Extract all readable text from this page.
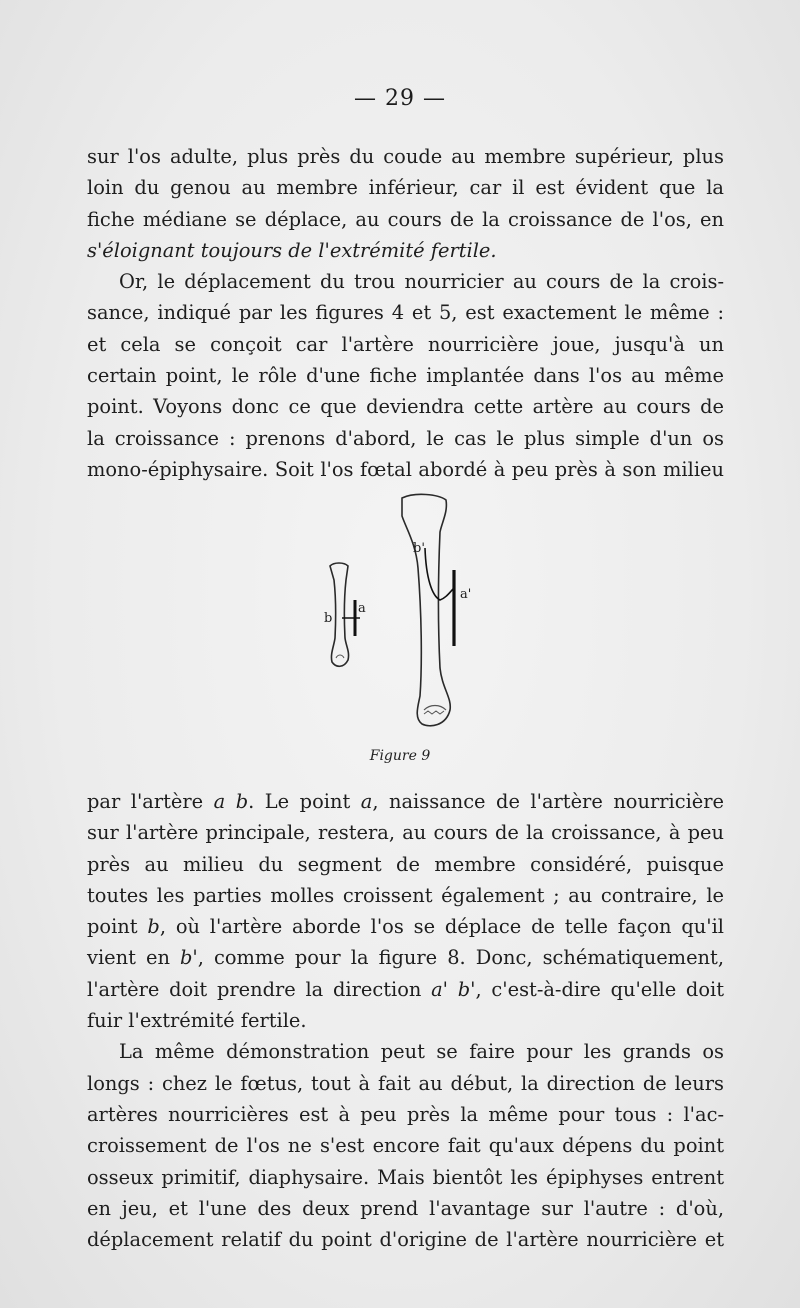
— 29 —
sur l'os adulte, plus près du coude au membre supérieur, plus
loin du genou au membre inférieur, car il est évident que la
fiche médiane se déplace, au cours de la croissance de l'os, en
s'éloignant toujours de l'extrémité fertile.
Or, le déplacement du trou nourricier au cours de la crois-
sance, indiqué par les figures 4 et 5, est exactement le même :
et cela se conçoit car l'artère nourricière joue, jusqu'à un
certain point, le rôle d'une fiche implantée dans l'os au même
point. Voyons donc ce que deviendra cette artère au cours de
la croissance : prenons d'abord, le cas le plus simple d'un os
mono-épiphysaire. Soit l'os fœtal abordé à peu près à son milieu
b
a
b'
a'
Figure 9
par l'artère a b. Le point a, naissance de l'artère nourricière
sur l'artère principale, restera, au cours de la croissance, à peu
près au milieu du segment de membre considéré, puisque
toutes les parties molles croissent également ; au contraire, le
point b, où l'artère aborde l'os se déplace de telle façon qu'il
vient en b', comme pour la figure 8. Donc, schématiquement,
l'artère doit prendre la direction a' b', c'est-à-dire qu'elle doit
fuir l'extrémité fertile.
La même démonstration peut se faire pour les grands os
longs : chez le fœtus, tout à fait au début, la direction de leurs
artères nourricières est à peu près la même pour tous : l'ac-
croissement de l'os ne s'est encore fait qu'aux dépens du point
osseux primitif, diaphysaire. Mais bientôt les épiphyses entrent
en jeu, et l'une des deux prend l'avantage sur l'autre : d'où,
déplacement relatif du point d'origine de l'artère nourricière et
